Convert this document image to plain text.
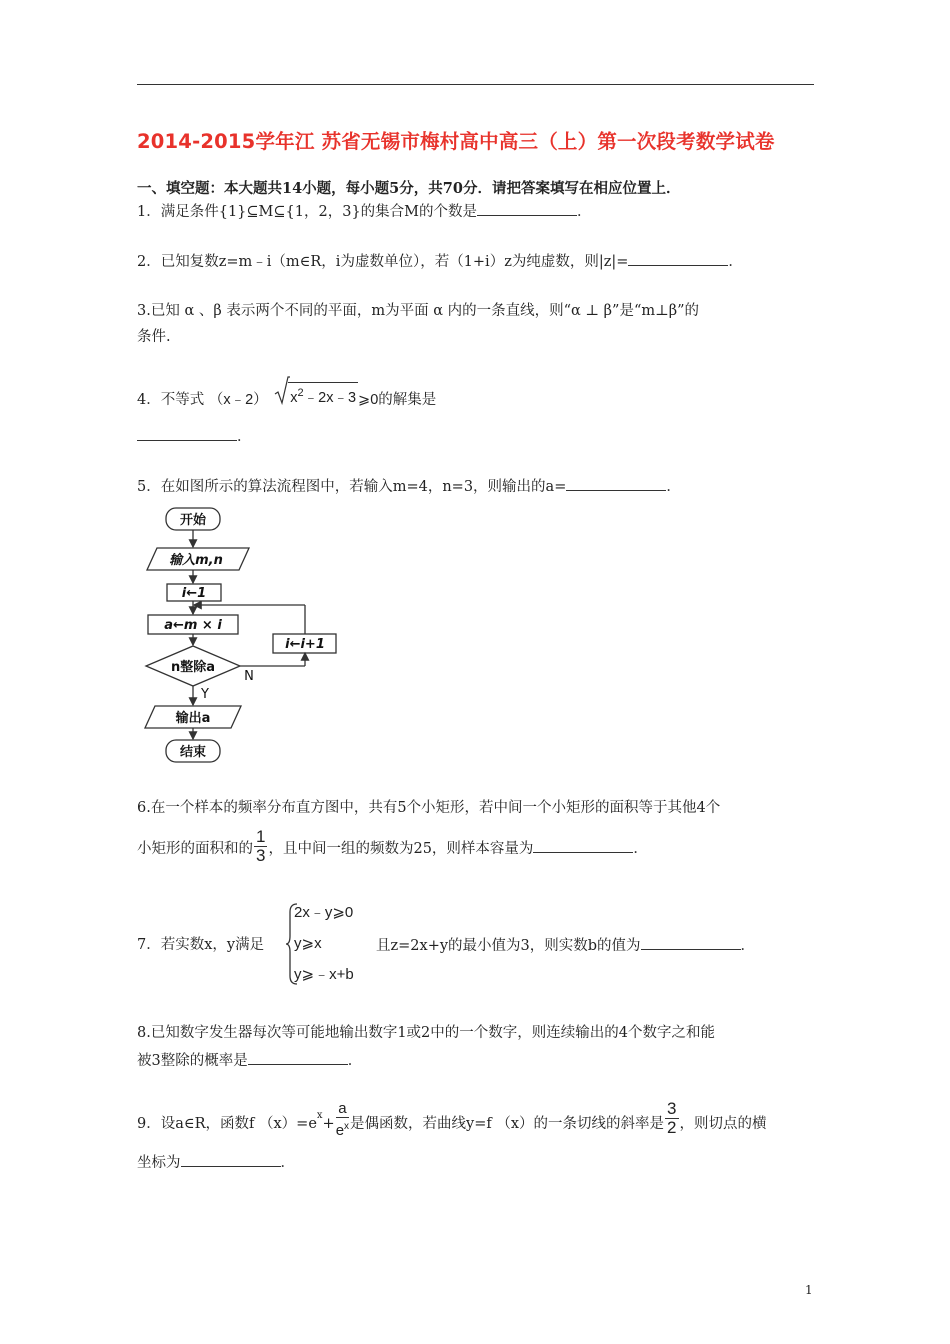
2014-2015学年江 苏省无锡市梅村高中高三（上）第一次段考数学试卷
一、填空题：本大题共14小题，每小题5分，共70分．请把答案填写在相应位置上．
1．满足条件{1}⊆M⊆{1，2，3}的集合M的个数是	．
2．已知复数z=m﹣i（m∈R，i为虚数单位），若（1+i）z为纯虚数，则|z|=	．
3.已知 α 、β 表示两个不同的平面，m为平面 α 内的一条直线，则“α ⊥ β”是“m⊥β”的
条件.
4．不等式 （x﹣2） $x^2﹣2x﹣3$ ⩾0的解集是
．
5．在如图所示的算法流程图中，若输入m=4，n=3，则输出的a=	．
开始
输入m,n
i←1
a←m × i
i←i+1
n整除a
N
Y
输出a
结束
6.在一个样本的频率分布直方图中，共有5个小矩形，若中间一个小矩形的面积等于其他4个
小矩形的面积和的 $\frac{1}{3}$ ，且中间一组的频数为25，则样本容量为	．
7．若实数x，y满足
2x﹣y⩾0
y⩾x
y⩾﹣x+b
且z=2x+y的最小值为3，则实数b的值为	．
8.已知数字发生器每次等可能地输出数字1或2中的一个数字，则连续输出的4个数字之和能
被3整除的概率是	．
9．设a∈R，函数f $(x)=e^x+ \frac{a}{e^x}$ 是偶函数，若曲线y=f （x）的一条切线的斜率是 $\frac{3}{2}$ ，则切点的横
坐标为	．
1
